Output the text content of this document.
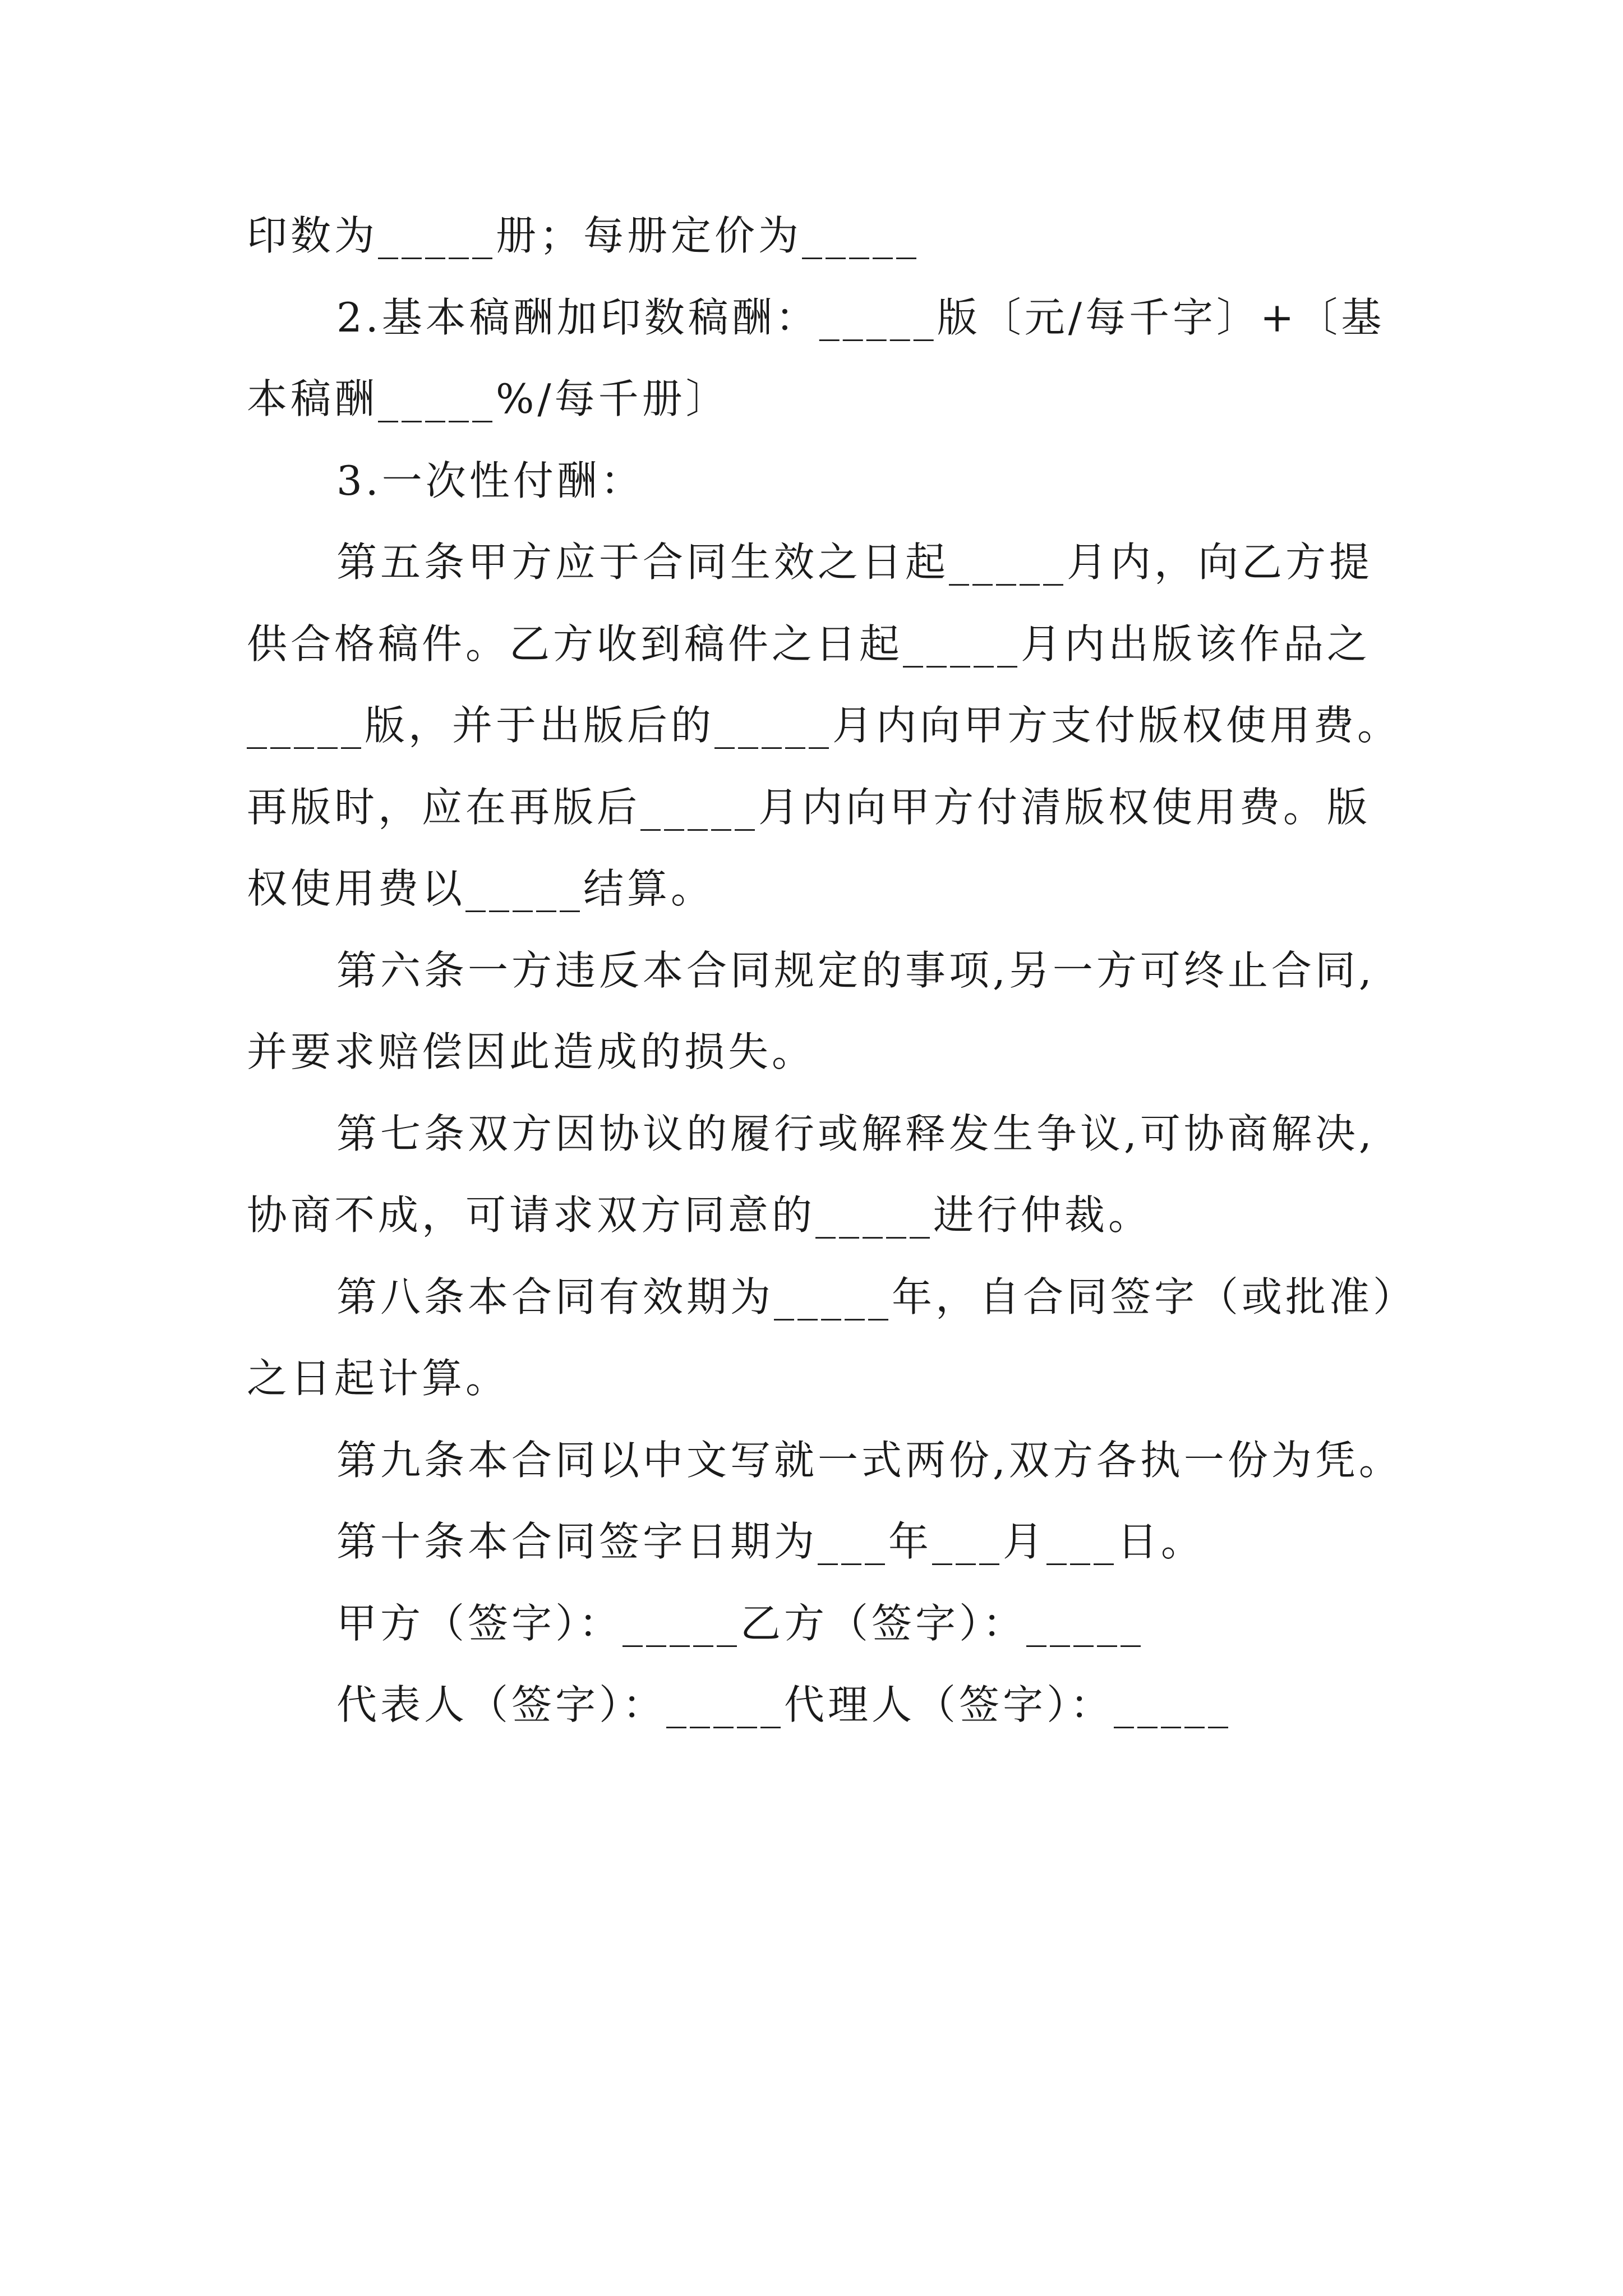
印数为_____册；每册定价为_____
2.基本稿酬加印数稿酬：_____版〔元/每千字〕+〔基
本稿酬_____%/每千册〕
3.一次性付酬：
第五条甲方应于合同生效之日起_____月内，向乙方提
供合格稿件。乙方收到稿件之日起_____月内出版该作品之
_____版，并于出版后的_____月内向甲方支付版权使用费。
再版时，应在再版后_____月内向甲方付清版权使用费。版
权使用费以_____结算。
第六条一方违反本合同规定的事项,另一方可终止合同,
并要求赔偿因此造成的损失。
第七条双方因协议的履行或解释发生争议,可协商解决,
协商不成，可请求双方同意的_____进行仲裁。
第八条本合同有效期为_____年，自合同签字（或批准）
之日起计算。
第九条本合同以中文写就一式两份,双方各执一份为凭。
第十条本合同签字日期为___年___月___日。
甲方（签字）：_____乙方（签字）：_____
代表人（签字）：_____代理人（签字）：_____
